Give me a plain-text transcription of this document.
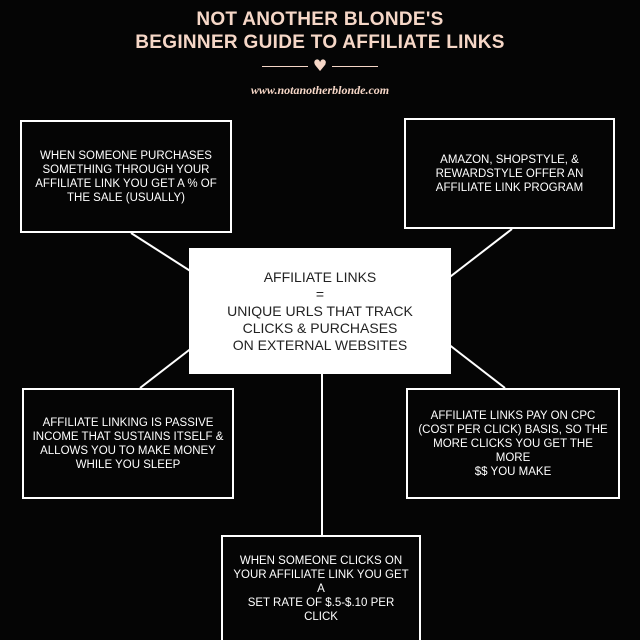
NOT ANOTHER BLONDE'S
BEGINNER GUIDE TO AFFILIATE LINKS
♥
www.notanotherblonde.com
WHEN SOMEONE PURCHASES
SOMETHING THROUGH YOUR
AFFILIATE LINK YOU GET A % OF
THE SALE (USUALLY)
AMAZON, SHOPSTYLE, &
REWARDSTYLE OFFER AN
AFFILIATE LINK PROGRAM
AFFILIATE LINKS
=
UNIQUE URLS THAT TRACK
CLICKS & PURCHASES
ON EXTERNAL WEBSITES
AFFILIATE LINKING IS PASSIVE
INCOME THAT SUSTAINS ITSELF &
ALLOWS YOU TO MAKE MONEY
WHILE YOU SLEEP
AFFILIATE LINKS PAY ON CPC
(COST PER CLICK) BASIS, SO THE
MORE CLICKS YOU GET THE MORE
$$ YOU MAKE
WHEN SOMEONE CLICKS ON
YOUR AFFILIATE LINK YOU GET A
SET RATE OF $.5-$.10 PER CLICK
